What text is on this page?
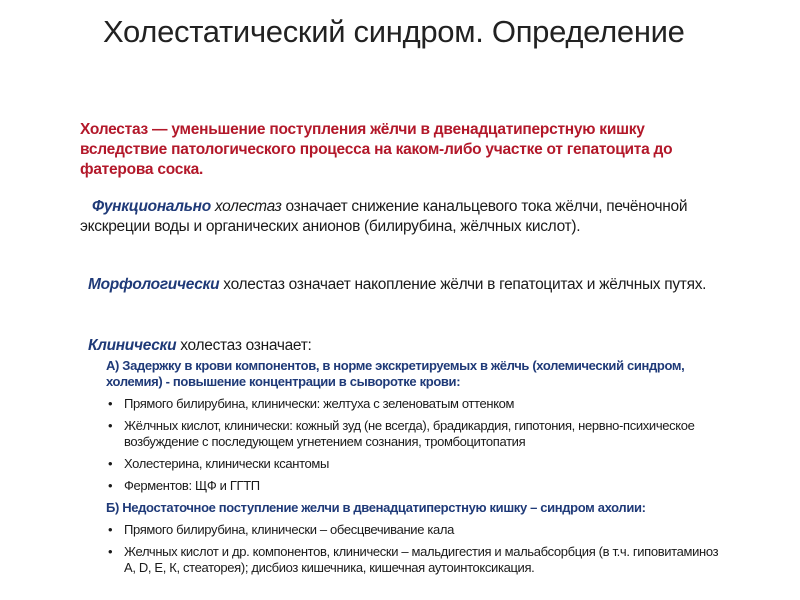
Холестатический синдром. Определение
Холестаз — уменьшение поступления жёлчи в двенадцатиперстную кишку вследствие патологического процесса на каком-либо участке от гепатоцита до фатерова соска.
Функционально холестаз означает снижение канальцевого тока жёлчи, печёночной экскреции воды и органических анионов (билирубина, жёлчных кислот).
Морфологически холестаз означает накопление жёлчи в гепатоцитах и жёлчных путях.
Клинически холестаз означает:
А) Задержку в крови компонентов, в норме экскретируемых в жёлчь (холемический синдром, холемия) - повышение концентрации в сыворотке крови:
• Прямого билирубина, клинически: желтуха с зеленоватым оттенком
• Жёлчных кислот, клинически: кожный зуд (не всегда), брадикардия, гипотония, нервно-психическое возбуждение с последующем угнетением сознания, тромбоцитопатия
• Холестерина, клинически ксантомы
• Ферментов: ЩФ и ГГТП
Б) Недостаточное поступление желчи в двенадцатиперстную кишку – синдром ахолии:
• Прямого билирубина, клинически – обесцвечивание кала
• Желчных кислот и др. компонентов, клинически – мальдигестия и мальабсорбция (в т.ч. гиповитаминоз А, D, Е, К, стеаторея); дисбиоз кишечника, кишечная аутоинтоксикация.
